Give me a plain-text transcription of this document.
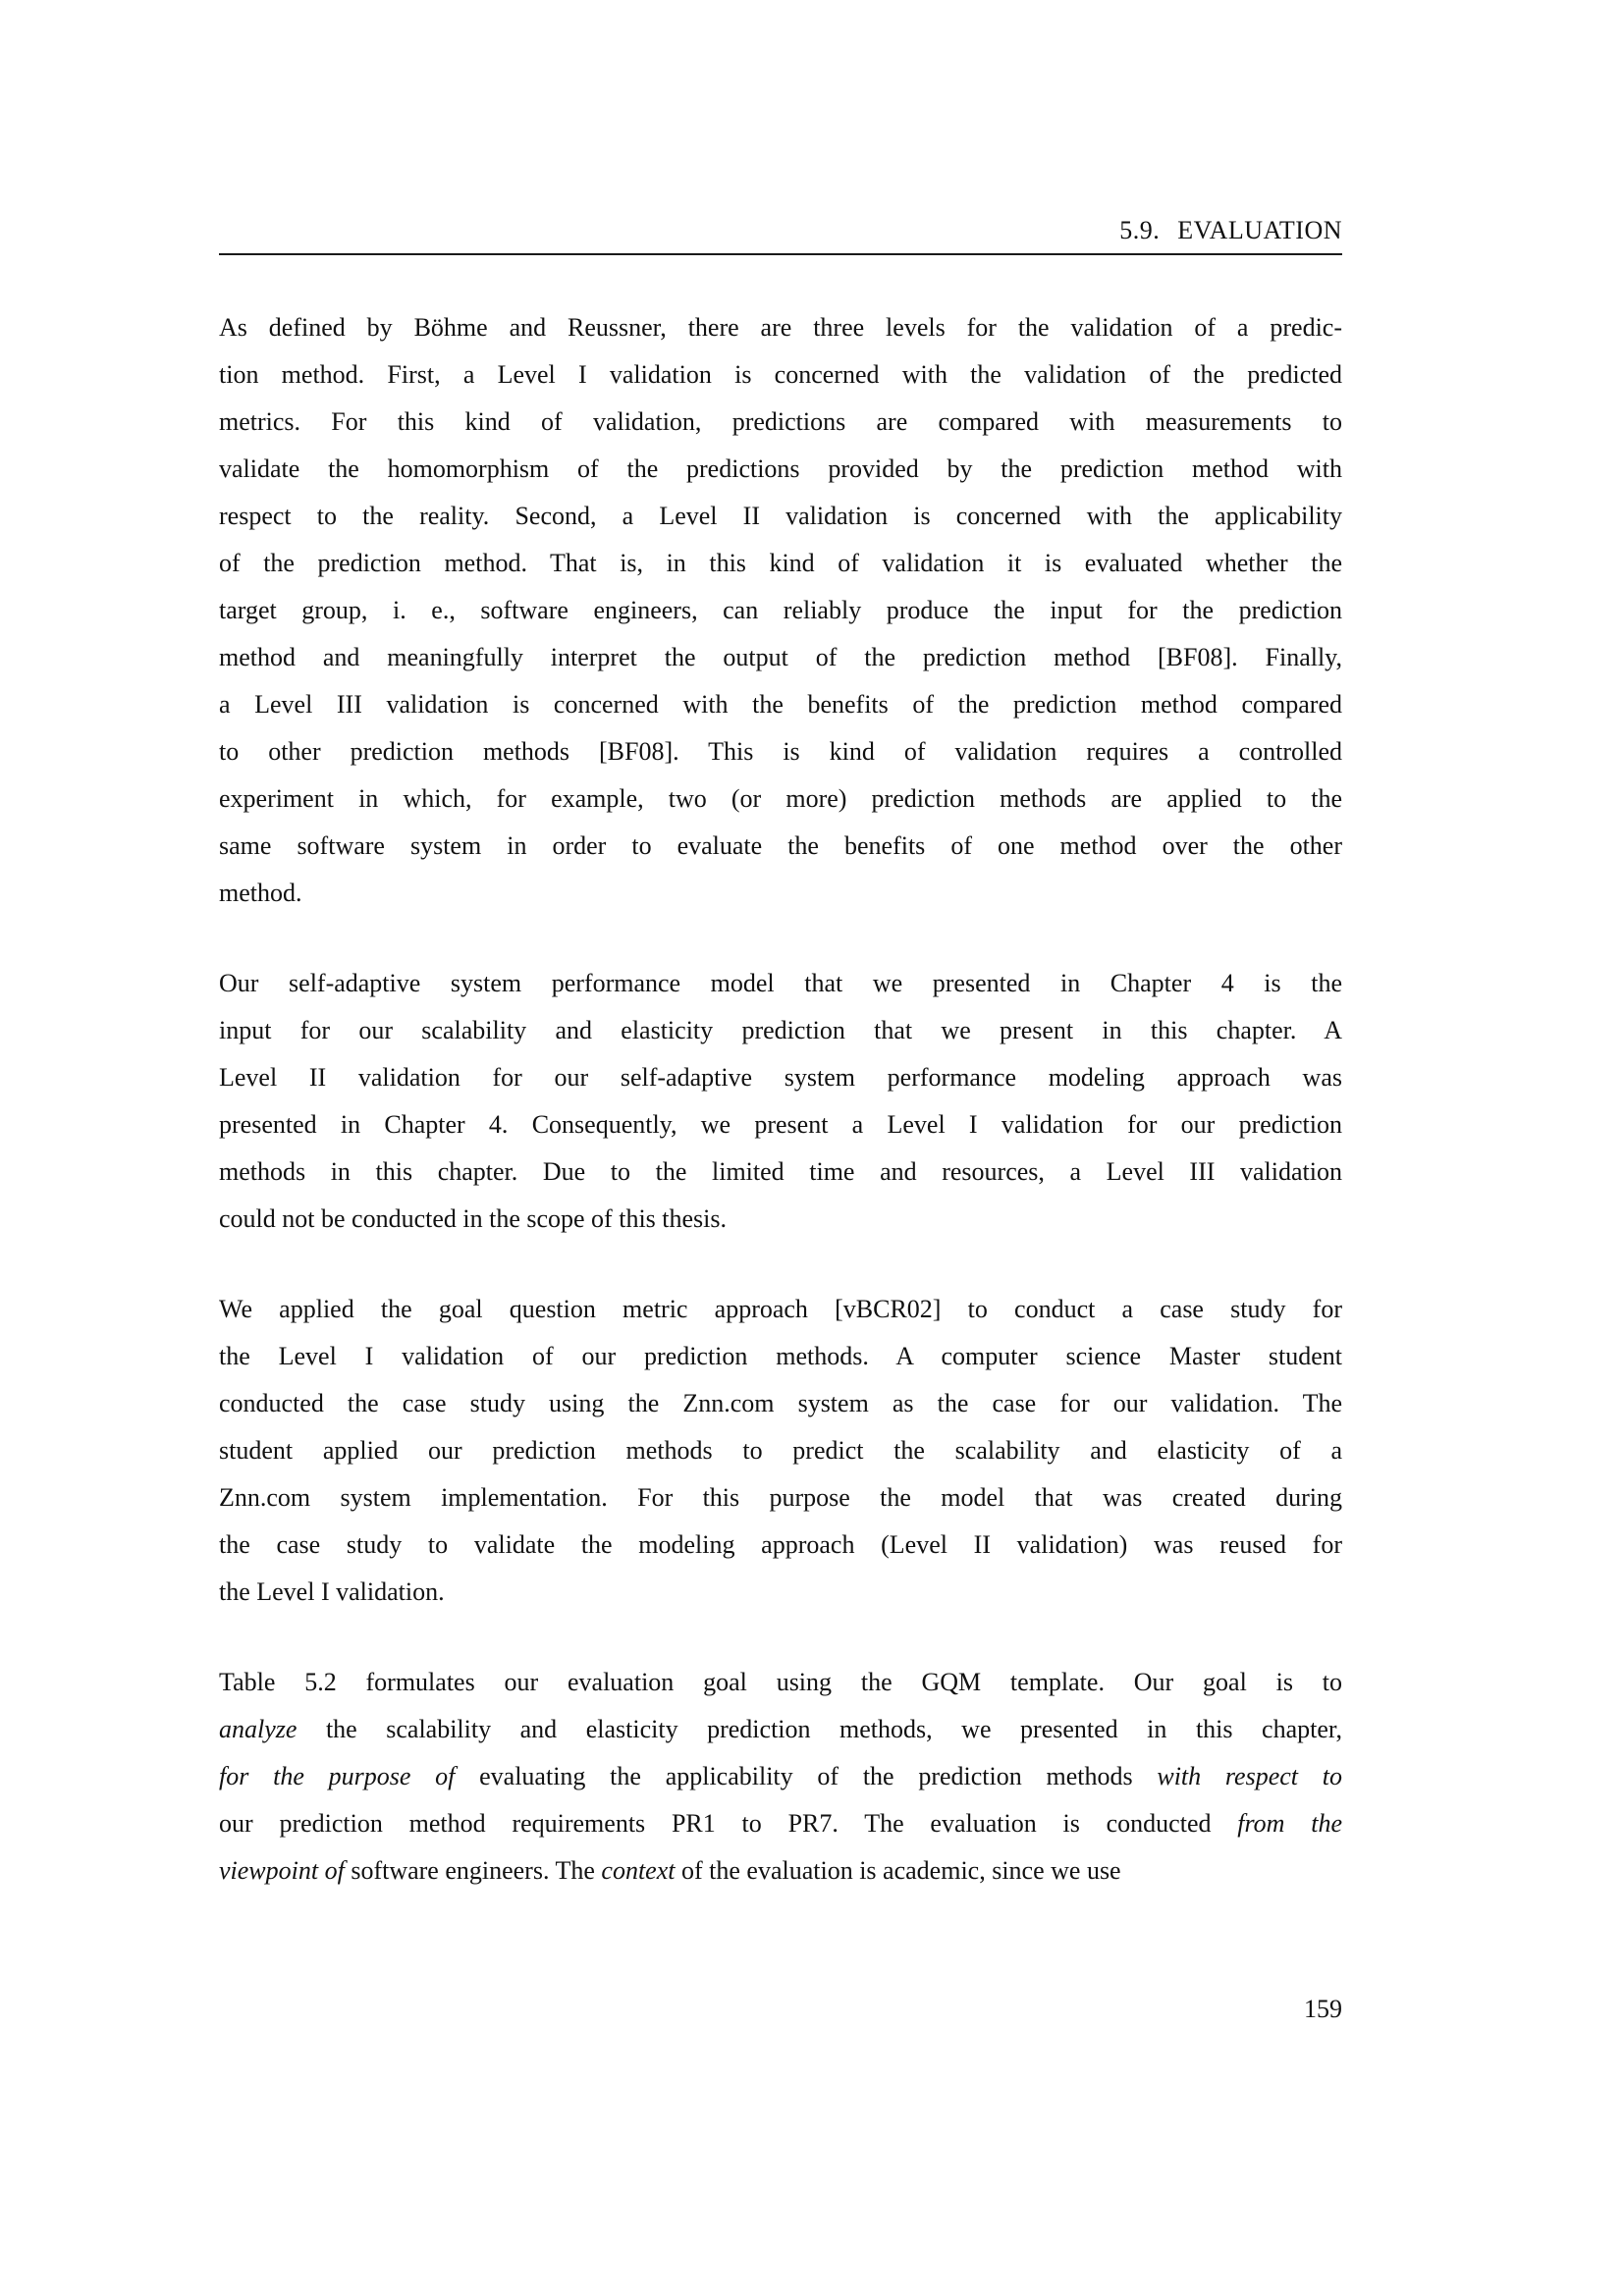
5.9. EVALUATION
As defined by Böhme and Reussner, there are three levels for the validation of a predic-
tion method. First, a Level I validation is concerned with the validation of the predicted
metrics. For this kind of validation, predictions are compared with measurements to
validate the homomorphism of the predictions provided by the prediction method with
respect to the reality. Second, a Level II validation is concerned with the applicability
of the prediction method. That is, in this kind of validation it is evaluated whether the
target group, i. e., software engineers, can reliably produce the input for the prediction
method and meaningfully interpret the output of the prediction method [BF08]. Finally,
a Level III validation is concerned with the benefits of the prediction method compared
to other prediction methods [BF08]. This is kind of validation requires a controlled
experiment in which, for example, two (or more) prediction methods are applied to the
same software system in order to evaluate the benefits of one method over the other
method.
Our self-adaptive system performance model that we presented in Chapter 4 is the
input for our scalability and elasticity prediction that we present in this chapter. A
Level II validation for our self-adaptive system performance modeling approach was
presented in Chapter 4. Consequently, we present a Level I validation for our prediction
methods in this chapter. Due to the limited time and resources, a Level III validation
could not be conducted in the scope of this thesis.
We applied the goal question metric approach [vBCR02] to conduct a case study for
the Level I validation of our prediction methods. A computer science Master student
conducted the case study using the Znn.com system as the case for our validation. The
student applied our prediction methods to predict the scalability and elasticity of a
Znn.com system implementation. For this purpose the model that was created during
the case study to validate the modeling approach (Level II validation) was reused for
the Level I validation.
Table 5.2 formulates our evaluation goal using the GQM template. Our goal is to
analyze the scalability and elasticity prediction methods, we presented in this chapter,
for the purpose of evaluating the applicability of the prediction methods with respect to
our prediction method requirements PR1 to PR7. The evaluation is conducted from the
viewpoint of software engineers. The context of the evaluation is academic, since we use
159
